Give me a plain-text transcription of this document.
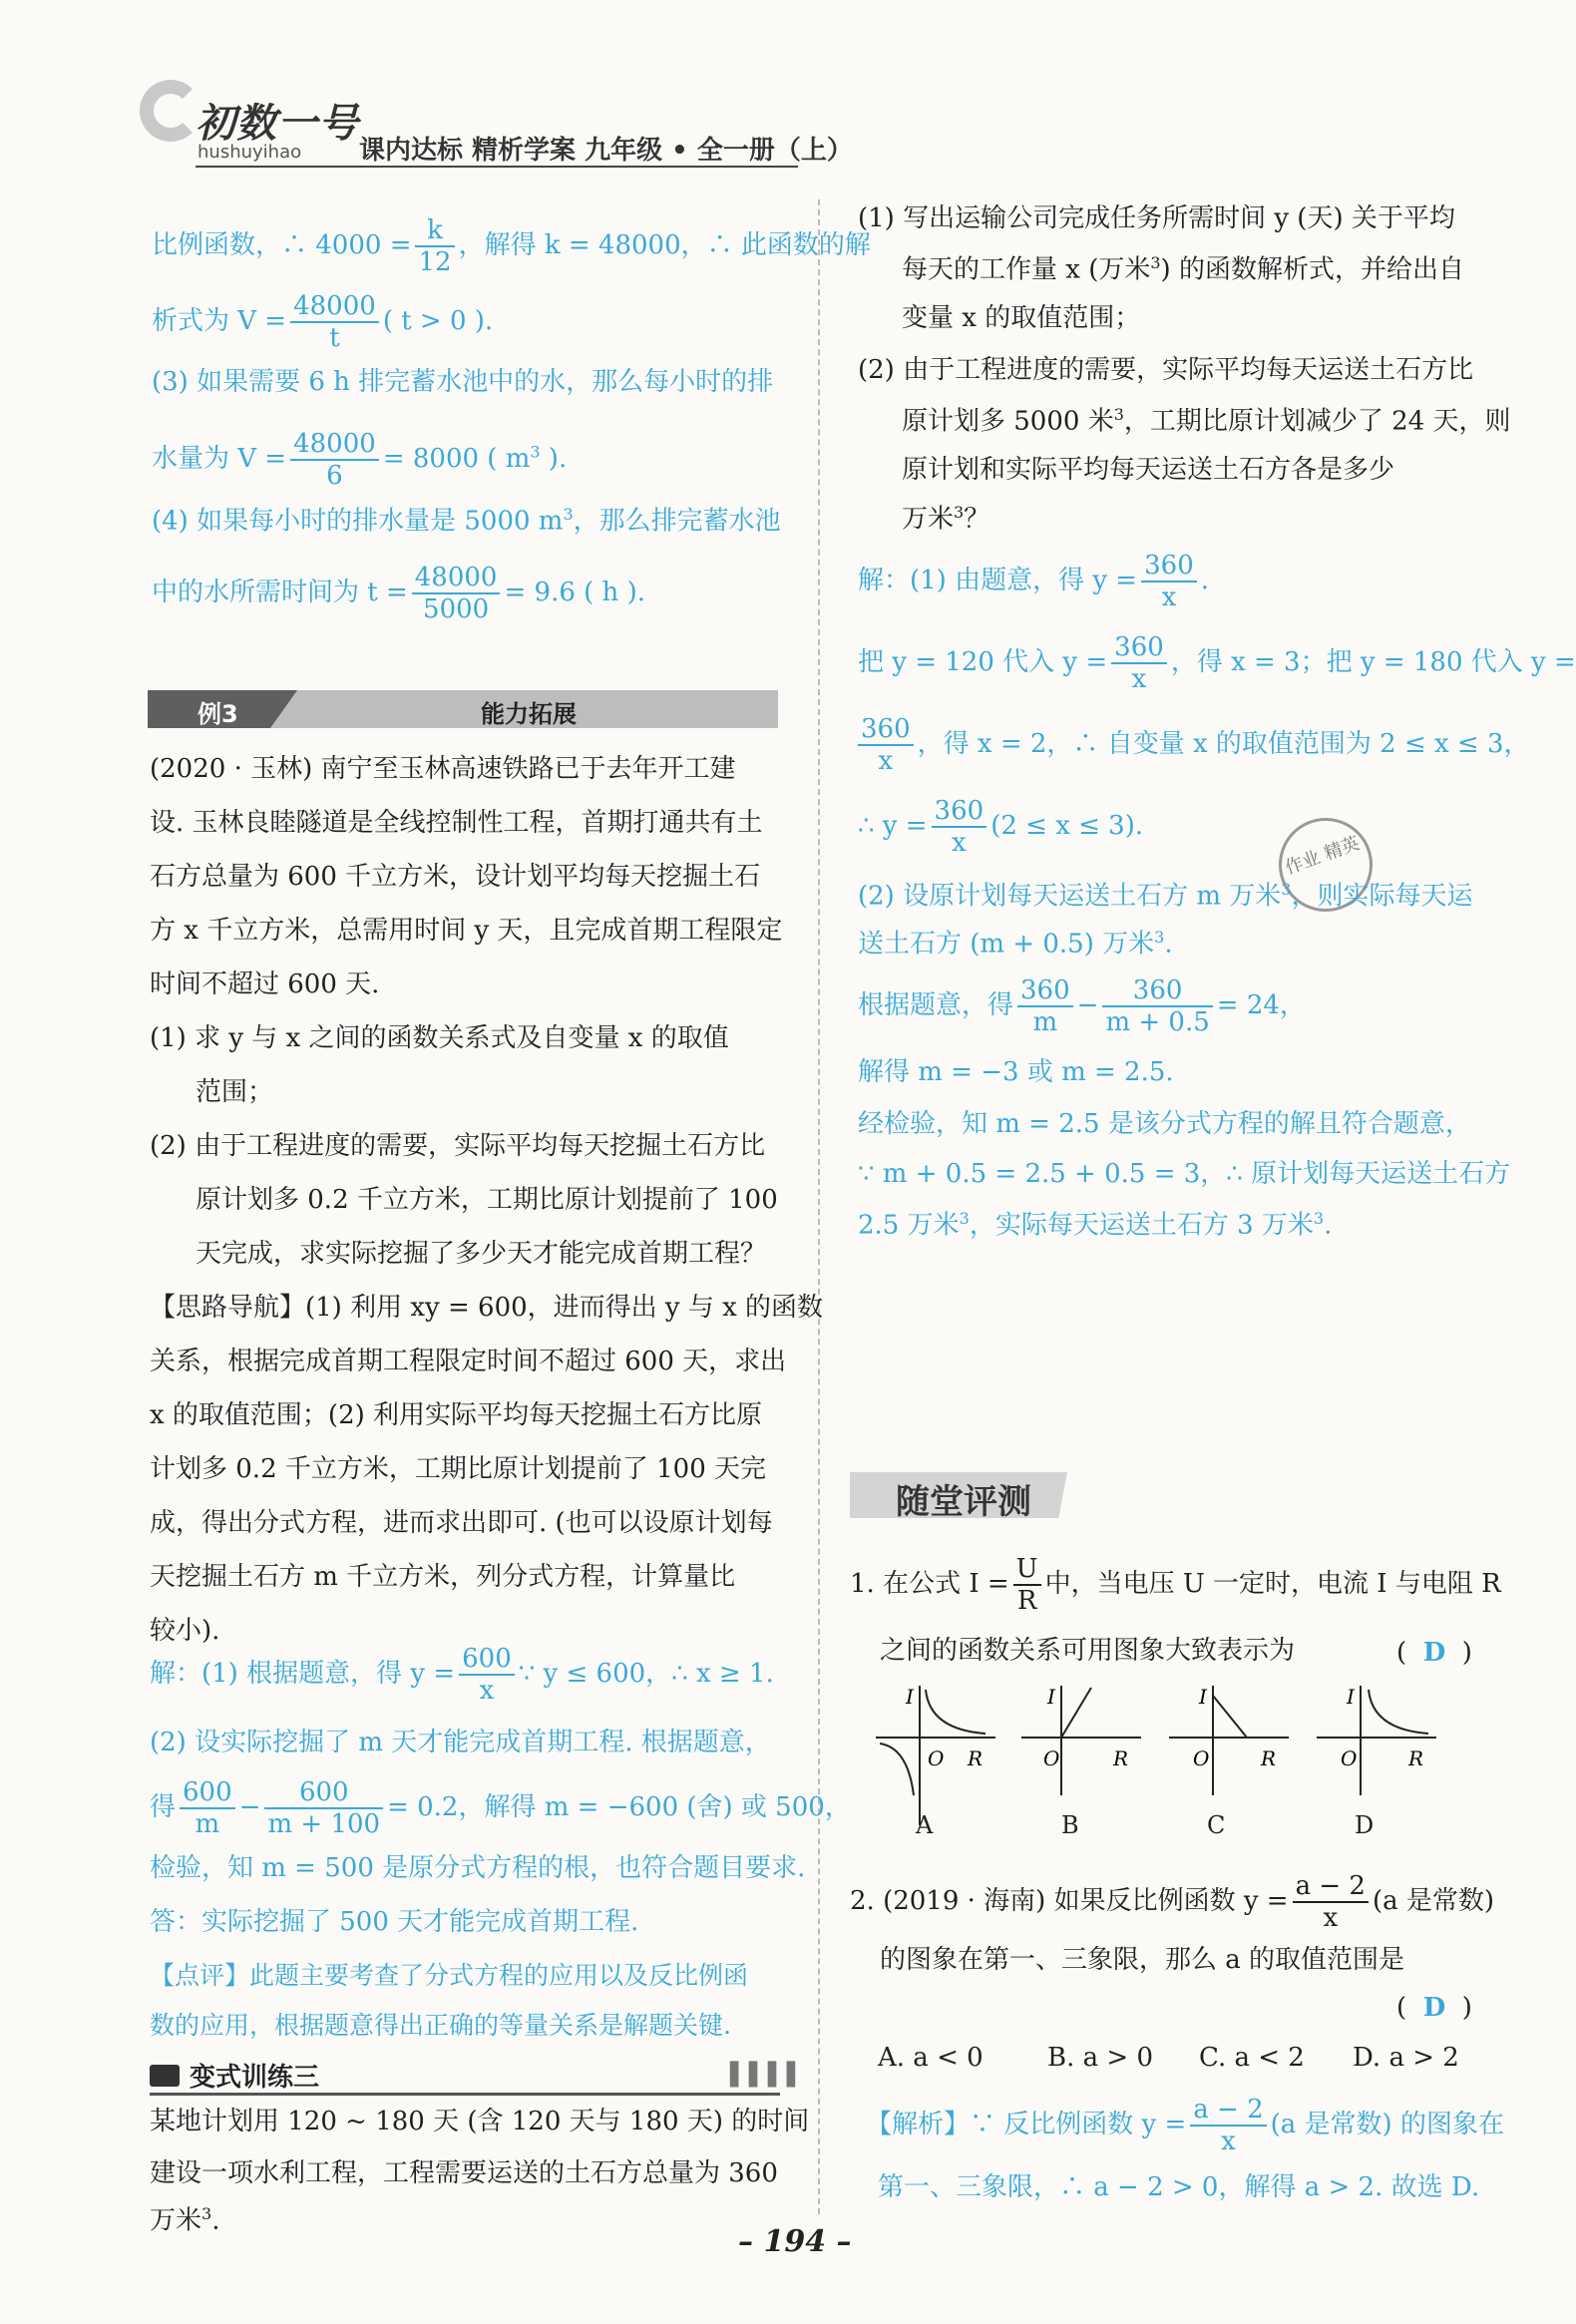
初数一号
hushuyihao 课内达标 精析学案 九年级 • 全一册（上）
比例函数，∴ $4000 = \frac{k}{12}$ ，解得 k = 48000，∴ 此函数的解
析式为 $V = \frac{48000}{t}$ ( t > 0 ).
(3) 如果需要 6 h 排完蓄水池中的水，那么每小时的排
水量为 $V = \frac{48000}{6} = 8000$ ( $m^3$ ).
(4) 如果每小时的排水量是 5000 $m^3$，那么排完蓄水池
中的水所需时间为 $t = \frac{48000}{5000} = 9.6$ ( h ).
例3	能力拓展
(2020 · 玉林) 南宁至玉林高速铁路已于去年开工建
设. 玉林良睦隧道是全线控制性工程，首期打通共有土
石方总量为 600 千立方米，设计划平均每天挖掘土石
方 x 千立方米，总需用时间 y 天，且完成首期工程限定
时间不超过 600 天.
(1) 求 y 与 x 之间的函数关系式及自变量 x 的取值
范围；
(2) 由于工程进度的需要，实际平均每天挖掘土石方比
原计划多 0.2 千立方米，工期比原计划提前了 100
天完成，求实际挖掘了多少天才能完成首期工程？
【思路导航】(1) 利用 xy = 600，进而得出 y 与 x 的函数
关系，根据完成首期工程限定时间不超过 600 天，求出
x 的取值范围；(2) 利用实际平均每天挖掘土石方比原
计划多 0.2 千立方米，工期比原计划提前了 100 天完
成，得出分式方程，进而求出即可. (也可以设原计划每
天挖掘土石方 m 千立方米，列分式方程，计算量比
较小).
解：(1) 根据题意，得 $y = \frac{600}{x}$ ∵ y ≤ 600，∴ x ≥ 1.
(2) 设实际挖掘了 m 天才能完成首期工程. 根据题意，
得 $\frac{600}{m} - \frac{600}{m + 100} = 0.2$，解得 m = −600 (舍) 或 500，
检验，知 m = 500 是原分式方程的根，也符合题目要求.
答：实际挖掘了 500 天才能完成首期工程.
【点评】此题主要考查了分式方程的应用以及反比例函
数的应用，根据题意得出正确的等量关系是解题关键.
变式训练三	▌▌▌▌
某地计划用 120 ~ 180 天 (含 120 天与 180 天) 的时间
建设一项水利工程，工程需要运送的土石方总量为 360
万米$^3$.
(1) 写出运输公司完成任务所需时间 y (天) 关于平均
每天的工作量 x (万米$^3$) 的函数解析式，并给出自
变量 x 的取值范围；
(2) 由于工程进度的需要，实际平均每天运送土石方比
原计划多 5000 米$^3$，工期比原计划减少了 24 天，则
原计划和实际平均每天运送土石方各是多少
万米$^3$？
解：(1) 由题意，得 $y = \frac{360}{x}$ .
把 y = 120 代入 $y = \frac{360}{x}$ ，得 x = 3；把 y = 180 代入 y =
$\frac{360}{x}$ ，得 x = 2，∴ 自变量 x 的取值范围为 2 ≤ x ≤ 3，
∴ $y = \frac{360}{x} (2 \le x \le 3)$.
作业 精英
(2) 设原计划每天运送土石方 m 万米$^3$，则实际每天运
送土石方 (m + 0.5) 万米$^3$.
根据题意，得 $\frac{360}{m} - \frac{360}{m + 0.5} = 24$，
解得 m = −3 或 m = 2.5.
经检验，知 m = 2.5 是该分式方程的解且符合题意，
∵ m + 0.5 = 2.5 + 0.5 = 3，∴ 原计划每天运送土石方
2.5 万米$^3$，实际每天运送土石方 3 万米$^3$.
随堂评测
1. 在公式 $I = \frac{U}{R}$ 中，当电压 U 一定时，电流 I 与电阻 R
之间的函数关系可用图象大致表示为	( D )
I
O R
I
O	R
I
O	R
I
O	R
A	B	C	D
2. (2019 · 海南) 如果反比例函数 $y = \frac{a - 2}{x} (a$ 是常数)
的图象在第一、三象限，那么 a 的取值范围是
( D )
A. a < 0 B. a > 0 C. a < 2 D. a > 2
【解析】∵ 反比例函数 $y = \frac{a - 2}{x} (a$ 是常数) 的图象在
第一、三象限，∴ a − 2 > 0，解得 a > 2. 故选 D.
– 194 –
